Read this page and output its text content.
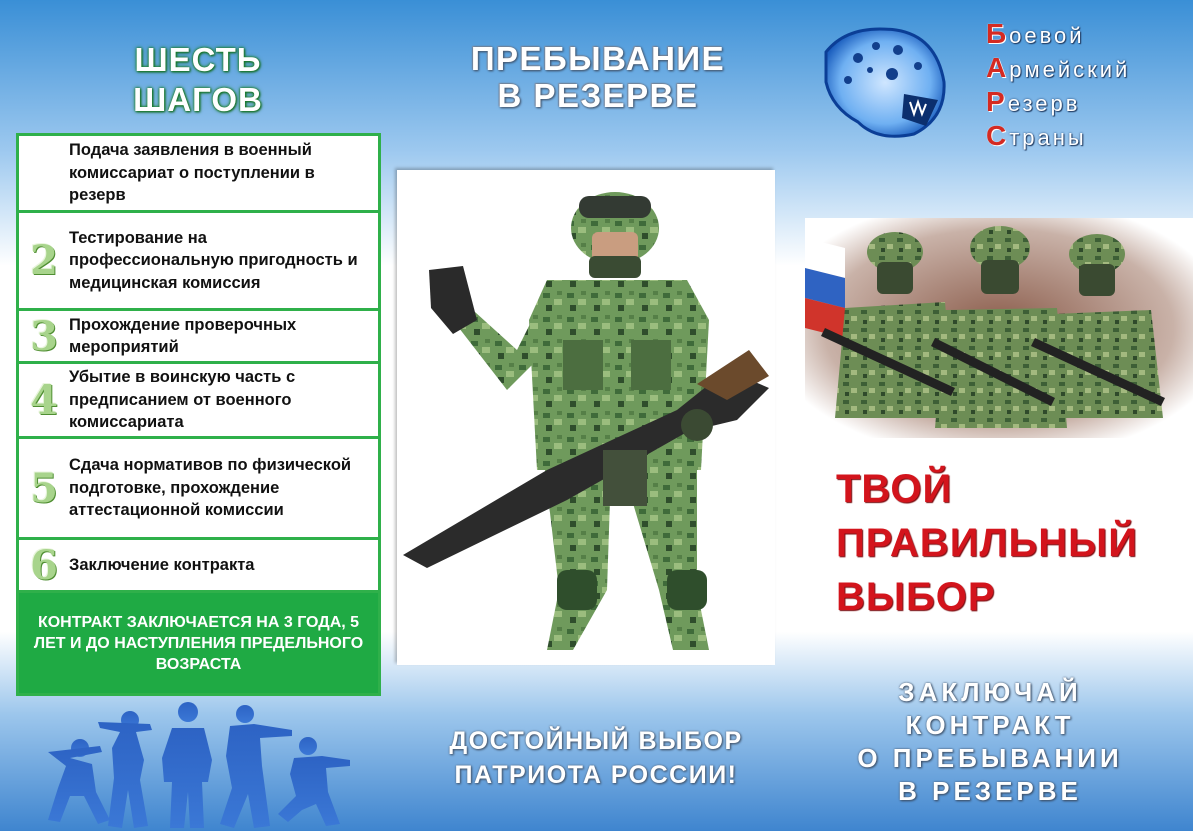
ШЕСТЬ
ШАГОВ
Подача заявления в военный комиссариат о поступлении в резерв
2 Тестирование на профессиональную пригодность и медицинская комиссия
3 Прохождение проверочных мероприятий
4 Убытие в воинскую часть с предписанием от военного комиссариата
5 Сдача нормативов по физической подготовке, прохождение аттестационной комиссии
6 Заключение контракта
КОНТРАКТ ЗАКЛЮЧАЕТСЯ НА 3 ГОДА, 5 ЛЕТ И ДО НАСТУПЛЕНИЯ ПРЕДЕЛЬНОГО ВОЗРАСТА
ПРЕБЫВАНИЕ
В РЕЗЕРВЕ
ДОСТОЙНЫЙ ВЫБОР
ПАТРИОТА РОССИИ!
Боевой
Армейский
Резерв
Страны
ТВОЙ
ПРАВИЛЬНЫЙ
ВЫБОР
ЗАКЛЮЧАЙ
КОНТРАКТ
О ПРЕБЫВАНИИ
В РЕЗЕРВЕ
